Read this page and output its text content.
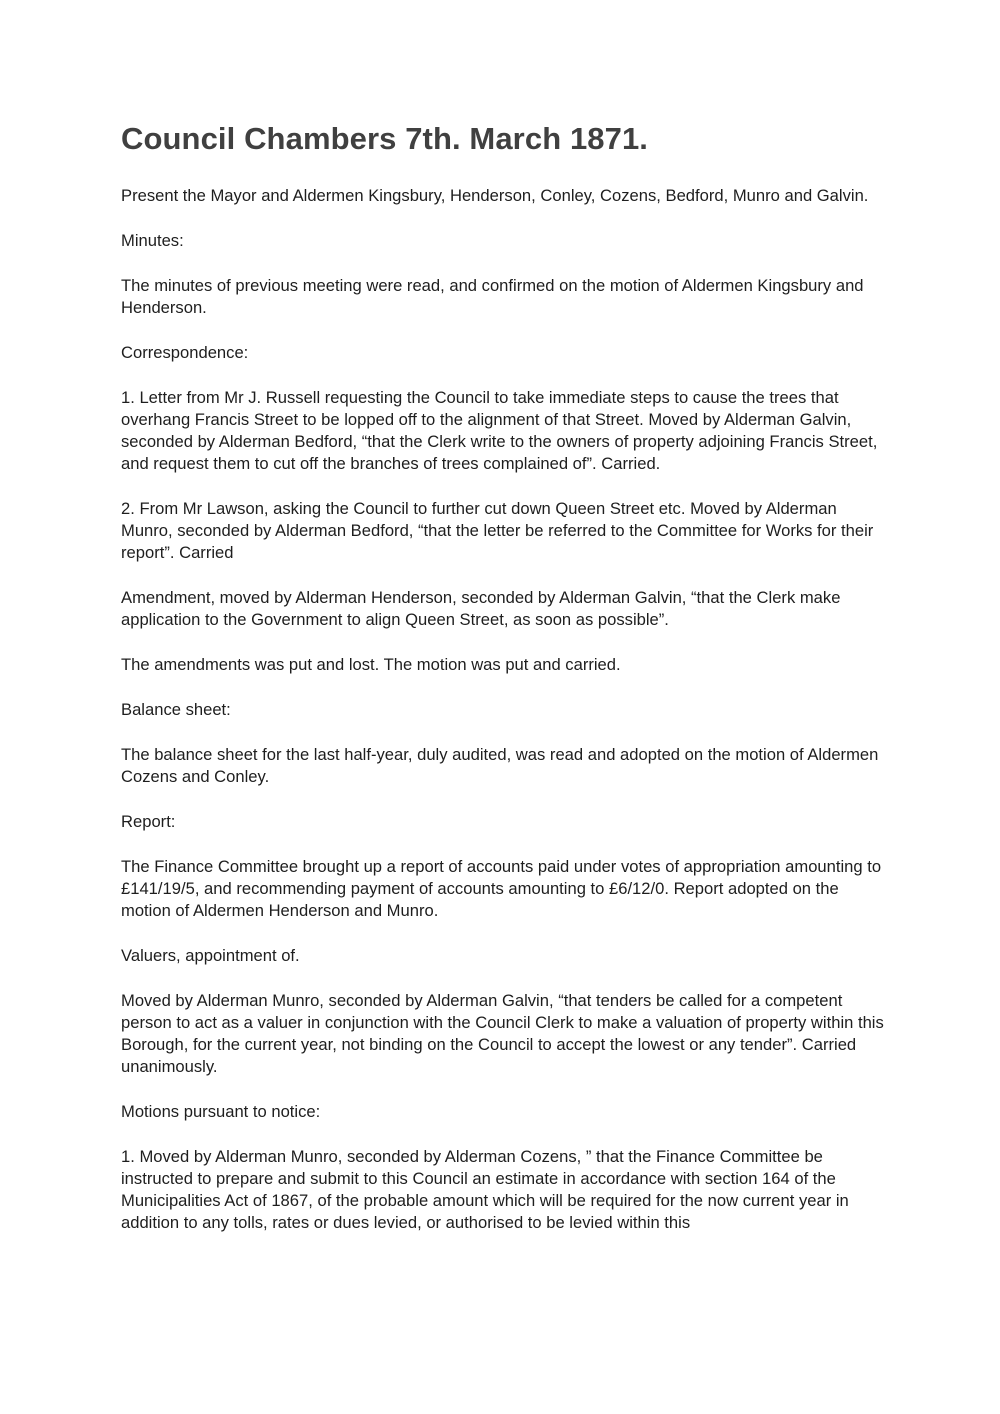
Council Chambers 7th. March 1871.

Present the Mayor and Aldermen Kingsbury, Henderson, Conley, Cozens, Bedford, Munro and Galvin.

Minutes:

The minutes of previous meeting were read, and confirmed on the motion of Aldermen Kingsbury and Henderson.

Correspondence:

1. Letter from Mr J. Russell requesting the Council to take immediate steps to cause the trees that overhang Francis Street to be lopped off to the alignment of that Street. Moved by Alderman Galvin, seconded by Alderman Bedford, “that the Clerk write to the owners of property adjoining Francis Street, and request them to cut off the branches of trees complained of”. Carried.

2. From Mr Lawson, asking the Council to further cut down Queen Street etc. Moved by Alderman Munro, seconded by Alderman Bedford, “that the letter be referred to the Committee for Works for their report”. Carried

Amendment, moved by Alderman Henderson, seconded by Alderman Galvin, “that the Clerk make application to the Government to align Queen Street, as soon as possible”.

The amendments was put and lost. The motion was put and carried.

Balance sheet:

The balance sheet for the last half-year, duly audited, was read and adopted on the motion of Aldermen Cozens and Conley.

Report:

The Finance Committee brought up a report of accounts paid under votes of appropriation amounting to £141/19/5, and recommending payment of accounts amounting to £6/12/0. Report adopted on the motion of Aldermen Henderson and Munro.

Valuers, appointment of.

Moved by Alderman Munro, seconded by Alderman Galvin, “that tenders be called for a competent person to act as a valuer in conjunction with the Council Clerk to make a valuation of property within this Borough, for the current year, not binding on the Council to accept the lowest or any tender”. Carried unanimously.

Motions pursuant to notice:

1. Moved by Alderman Munro, seconded by Alderman Cozens, ” that the Finance Committee be instructed to prepare and submit to this Council an estimate in accordance with section 164 of the Municipalities Act of 1867, of the probable amount which will be required for the now current year in addition to any tolls, rates or dues levied, or authorised to be levied within this
